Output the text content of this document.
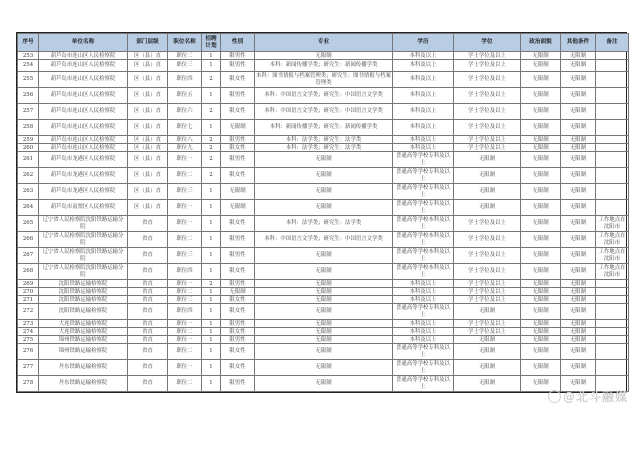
序号	单位名称	部门层级	职位名称	招聘计划	性别	专业	学历	学位	政治面貌	其他条件	备注
253	葫芦岛市连山区人民检察院	区（县）直	职位二	1	限男性	无限制	本科及以上	学士学位及以上	无限制	无限制	
254	葫芦岛市连山区人民检察院	区（县）直	职位三	1	限男性	本科：新闻传播学类；研究生：新闻传播学类	本科及以上	学士学位及以上	无限制	无限制	
255	葫芦岛市连山区人民检察院	区（县）直	职位四	2	限女性	本科：图书情报与档案管理类；研究生：图书情报与档案管理类	本科及以上	学士学位及以上	无限制	无限制	
256	葫芦岛市连山区人民检察院	区（县）直	职位五	1	限男性	本科：中国语言文学类；研究生：中国语言文学类	本科及以上	学士学位及以上	无限制	无限制	
257	葫芦岛市连山区人民检察院	区（县）直	职位六	2	限女性	本科：中国语言文学类；研究生：中国语言文学类	本科及以上	学士学位及以上	无限制	无限制	
258	葫芦岛市连山区人民检察院	区（县）直	职位七	1	无限制	本科：新闻传播学类；研究生：新闻传播学类	本科及以上	学士学位及以上	无限制	无限制	
259	葫芦岛市连山区人民检察院	区（县）直	职位八	2	限男性	本科：法学类；研究生：法学类	本科及以上	学士学位及以上	无限制	无限制	
260	葫芦岛市连山区人民检察院	区（县）直	职位九	2	限女性	本科：法学类；研究生：法学类	本科及以上	学士学位及以上	无限制	无限制	
261	葫芦岛市龙港区人民检察院	区（县）直	职位一	2	限男性	无限制	普通高等学校专科及以上	无限制	无限制	无限制	
262	葫芦岛市龙港区人民检察院	区（县）直	职位二	2	限女性	无限制	普通高等学校专科及以上	无限制	无限制	无限制	
263	葫芦岛市龙港区人民检察院	区（县）直	职位三	1	无限制	无限制	普通高等学校专科及以上	无限制	无限制	无限制	
264	葫芦岛市南票区人民检察院	区（县）直	职位一	1	无限制	无限制	普通高等学校专科及以上	无限制	无限制	无限制	
265	辽宁省人民检察院沈阳铁路运输分院	省直	职位一	1	限女性	本科：法学类；研究生：法学类	普通高等学校本科及以上	学士学位及以上	无限制	无限制	工作地点在沈阳市
266	辽宁省人民检察院沈阳铁路运输分院	省直	职位二	1	限男性	本科：中国语言文学类；研究生：中国语言文学类	普通高等学校本科及以上	学士学位及以上	无限制	无限制	工作地点在沈阳市
267	辽宁省人民检察院沈阳铁路运输分院	省直	职位三	1	限男性	无限制	普通高等学校本科及以上	学士学位及以上	无限制	无限制	工作地点在沈阳市
268	辽宁省人民检察院沈阳铁路运输分院	省直	职位四	1	限女性	无限制	普通高等学校本科及以上	学士学位及以上	无限制	无限制	工作地点在沈阳市
269	沈阳铁路运输检察院	省直	职位一	2	限男性	无限制	本科及以上	学士学位及以上	无限制	无限制	
270	沈阳铁路运输检察院	省直	职位二	1	无限制	无限制	本科及以上	学士学位及以上	无限制	无限制	
271	沈阳铁路运输检察院	省直	职位三	1	限女性	无限制	本科及以上	学士学位及以上	无限制	无限制	
272	沈阳铁路运输检察院	省直	职位四	1	限女性	无限制	普通高等学校专科及以上	无限制	无限制	无限制	
273	大连铁路运输检察院	省直	职位一	1	限男性	无限制	本科及以上	学士学位及以上	无限制	无限制	
274	大连铁路运输检察院	省直	职位二	1	限女性	无限制	本科及以上	学士学位及以上	无限制	无限制	
275	锦州铁路运输检察院	省直	职位一	1	限男性	无限制	本科及以上	无限制	无限制	无限制	
276	锦州铁路运输检察院	省直	职位二	1	限女性	无限制	普通高等学校专科及以上	无限制	无限制	无限制	
277	丹东铁路运输检察院	省直	职位一	1	限女性	无限制	普通高等学校专科及以上	无限制	无限制	无限制	
278	丹东铁路运输检察院	省直	职位二	1	限男性	无限制	普通高等学校专科及以上	无限制	无限制	无限制	
@北斗融媒
